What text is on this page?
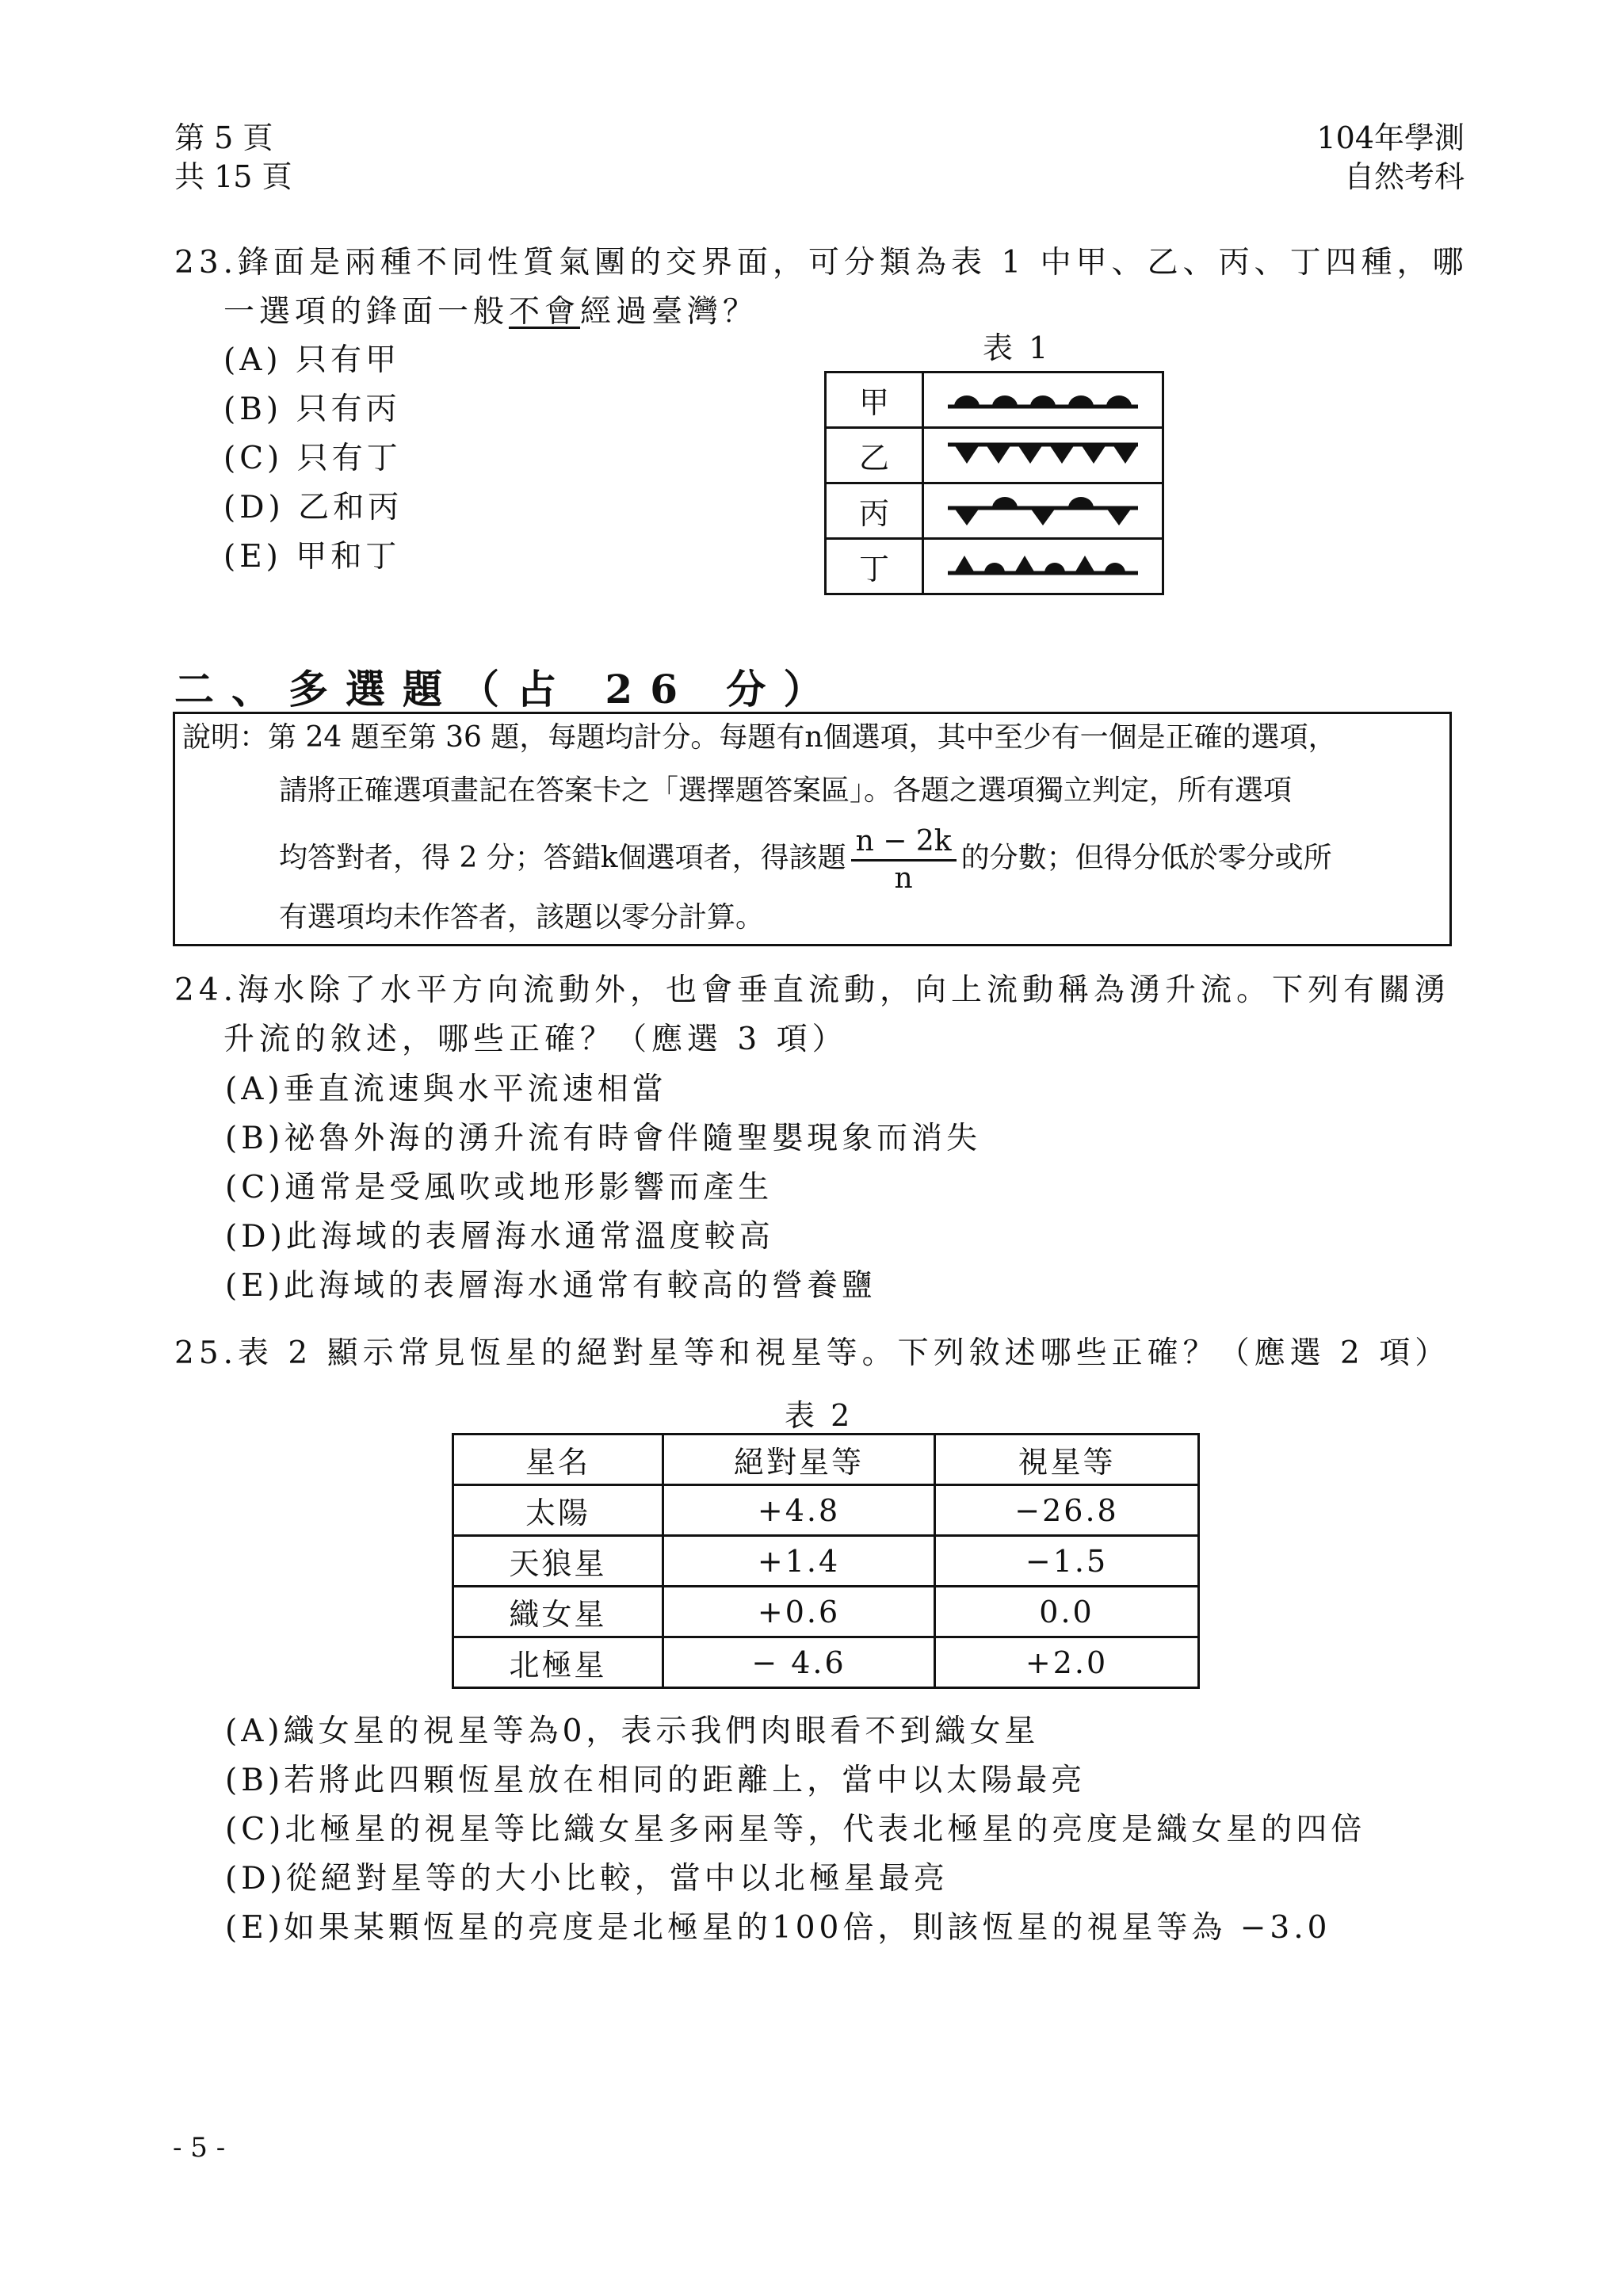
第 5 頁
共 15 頁
104年學測
自然考科
23.鋒面是兩種不同性質氣團的交界面，可分類為表 1 中甲、乙、丙、丁四種，哪
一選項的鋒面一般不會經過臺灣？
(A) 只有甲
(B) 只有丙
(C) 只有丁
(D) 乙和丙
(E) 甲和丁
表 1
甲	
乙	
丙	
丁	
二、多選題（占 26 分）
說明：第 24 題至第 36 題，每題均計分。每題有n個選項，其中至少有一個是正確的選項，
請將正確選項畫記在答案卡之「選擇題答案區」。各題之選項獨立判定，所有選項
均答對者，得 2 分；答錯k個選項者，得該題 $\frac{n - 2k}{n}$ 的分數；但得分低於零分或所
有選項均未作答者，該題以零分計算。
24.海水除了水平方向流動外，也會垂直流動，向上流動稱為湧升流。下列有關湧
升流的敘述，哪些正確？（應選 3 項）
(A)垂直流速與水平流速相當
(B)祕魯外海的湧升流有時會伴隨聖嬰現象而消失
(C)通常是受風吹或地形影響而產生
(D)此海域的表層海水通常溫度較高
(E)此海域的表層海水通常有較高的營養鹽
25.表 2 顯示常見恆星的絕對星等和視星等。下列敘述哪些正確？（應選 2 項）
表 2
星名	絕對星等	視星等
太陽	+4.8	−26.8
天狼星	+1.4	−1.5
織女星	+0.6	0.0
北極星	− 4.6	+2.0
(A)織女星的視星等為0，表示我們肉眼看不到織女星
(B)若將此四顆恆星放在相同的距離上，當中以太陽最亮
(C)北極星的視星等比織女星多兩星等，代表北極星的亮度是織女星的四倍
(D)從絕對星等的大小比較，當中以北極星最亮
(E)如果某顆恆星的亮度是北極星的100倍，則該恆星的視星等為 −3.0
- 5 -
